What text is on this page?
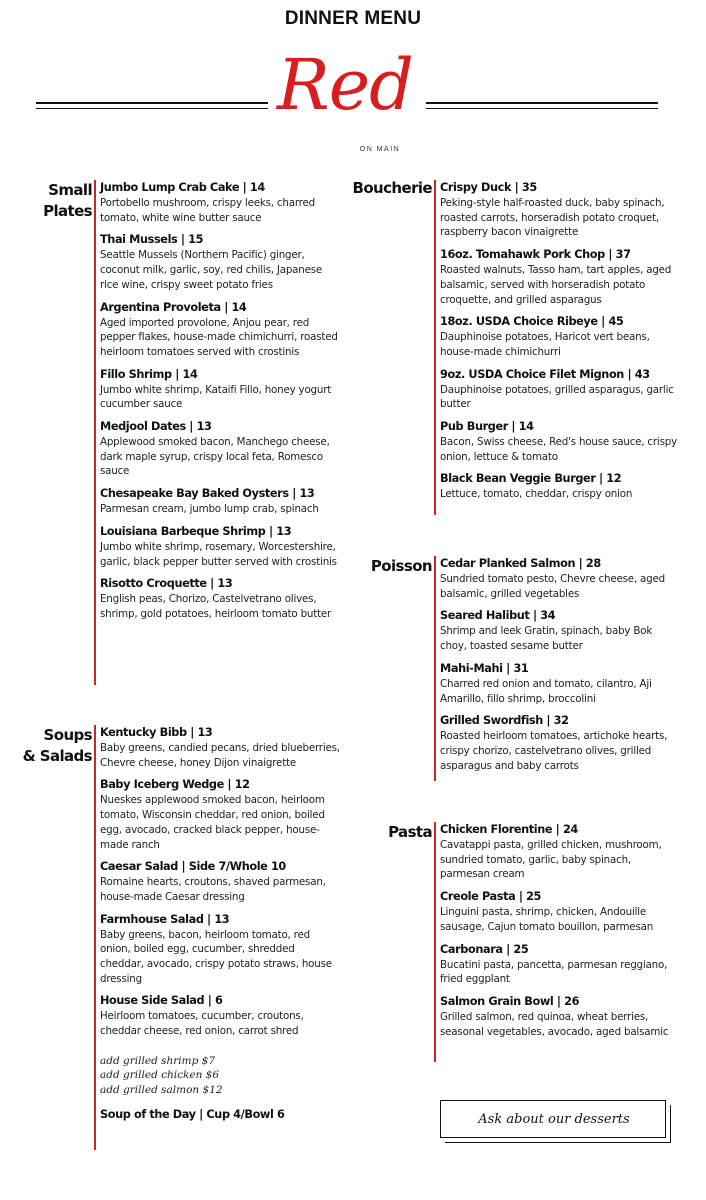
DINNER MENU
Red
ON MAIN
Small
Plates
Jumbo Lump Crab Cake | 14
Portobello mushroom, crispy leeks, charred tomato, white wine butter sauce
Thai Mussels | 15
Seattle Mussels (Northern Pacific) ginger, coconut milk, garlic, soy, red chilis, Japanese rice wine, crispy sweet potato fries
Argentina Provoleta | 14
Aged imported provolone, Anjou pear, red pepper flakes, house-made chimichurri, roasted heirloom tomatoes served with crostinis
Fillo Shrimp | 14
Jumbo white shrimp, Kataifi Fillo, honey yogurt cucumber sauce
Medjool Dates | 13
Applewood smoked bacon, Manchego cheese, dark maple syrup, crispy local feta, Romesco sauce
Chesapeake Bay Baked Oysters | 13
Parmesan cream, jumbo lump crab, spinach
Louisiana Barbeque Shrimp | 13
Jumbo white shrimp, rosemary, Worcestershire, garlic, black pepper butter served with crostinis
Risotto Croquette | 13
English peas, Chorizo, Castelvetrano olives, shrimp, gold potatoes, heirloom tomato butter
Soups
& Salads
Kentucky Bibb | 13
Baby greens, candied pecans, dried blueberries, Chevre cheese, honey Dijon vinaigrette
Baby Iceberg Wedge | 12
Nueskes applewood smoked bacon, heirloom tomato, Wisconsin cheddar, red onion, boiled egg, avocado, cracked black pepper, house-made ranch
Caesar Salad | Side 7/Whole 10
Romaine hearts, croutons, shaved parmesan, house-made Caesar dressing
Farmhouse Salad | 13
Baby greens, bacon, heirloom tomato, red onion, boiled egg, cucumber, shredded cheddar, avocado, crispy potato straws, house dressing
House Side Salad | 6
Heirloom tomatoes, cucumber, croutons, cheddar cheese, red onion, carrot shred
add grilled shrimp $7
add grilled chicken $6
add grilled salmon $12
Soup of the Day | Cup 4/Bowl 6
Boucherie Crispy Duck | 35
Peking-style half-roasted duck, baby spinach, roasted carrots, horseradish potato croquet, raspberry bacon vinaigrette
16oz. Tomahawk Pork Chop | 37
Roasted walnuts, Tasso ham, tart apples, aged balsamic, served with horseradish potato croquette, and grilled asparagus
18oz. USDA Choice Ribeye | 45
Dauphinoise potatoes, Haricot vert beans, house-made chimichurri
9oz. USDA Choice Filet Mignon | 43
Dauphinoise potatoes, grilled asparagus, garlic butter
Pub Burger | 14
Bacon, Swiss cheese, Red's house sauce, crispy onion, lettuce & tomato
Black Bean Veggie Burger | 12
Lettuce, tomato, cheddar, crispy onion
Poisson Cedar Planked Salmon | 28
Sundried tomato pesto, Chevre cheese, aged balsamic, grilled vegetables
Seared Halibut | 34
Shrimp and leek Gratin, spinach, baby Bok choy, toasted sesame butter
Mahi-Mahi | 31
Charred red onion and tomato, cilantro, Aji Amarillo, fillo shrimp, broccolini
Grilled Swordfish | 32
Roasted heirloom tomatoes, artichoke hearts, crispy chorizo, castelvetrano olives, grilled asparagus and baby carrots
Pasta Chicken Florentine | 24
Cavatappi pasta, grilled chicken, mushroom, sundried tomato, garlic, baby spinach, parmesan cream
Creole Pasta | 25
Linguini pasta, shrimp, chicken, Andouille sausage, Cajun tomato bouillon, parmesan
Carbonara | 25
Bucatini pasta, pancetta, parmesan reggiano, fried eggplant
Salmon Grain Bowl | 26
Grilled salmon, red quinoa, wheat berries, seasonal vegetables, avocado, aged balsamic
Ask about our desserts
